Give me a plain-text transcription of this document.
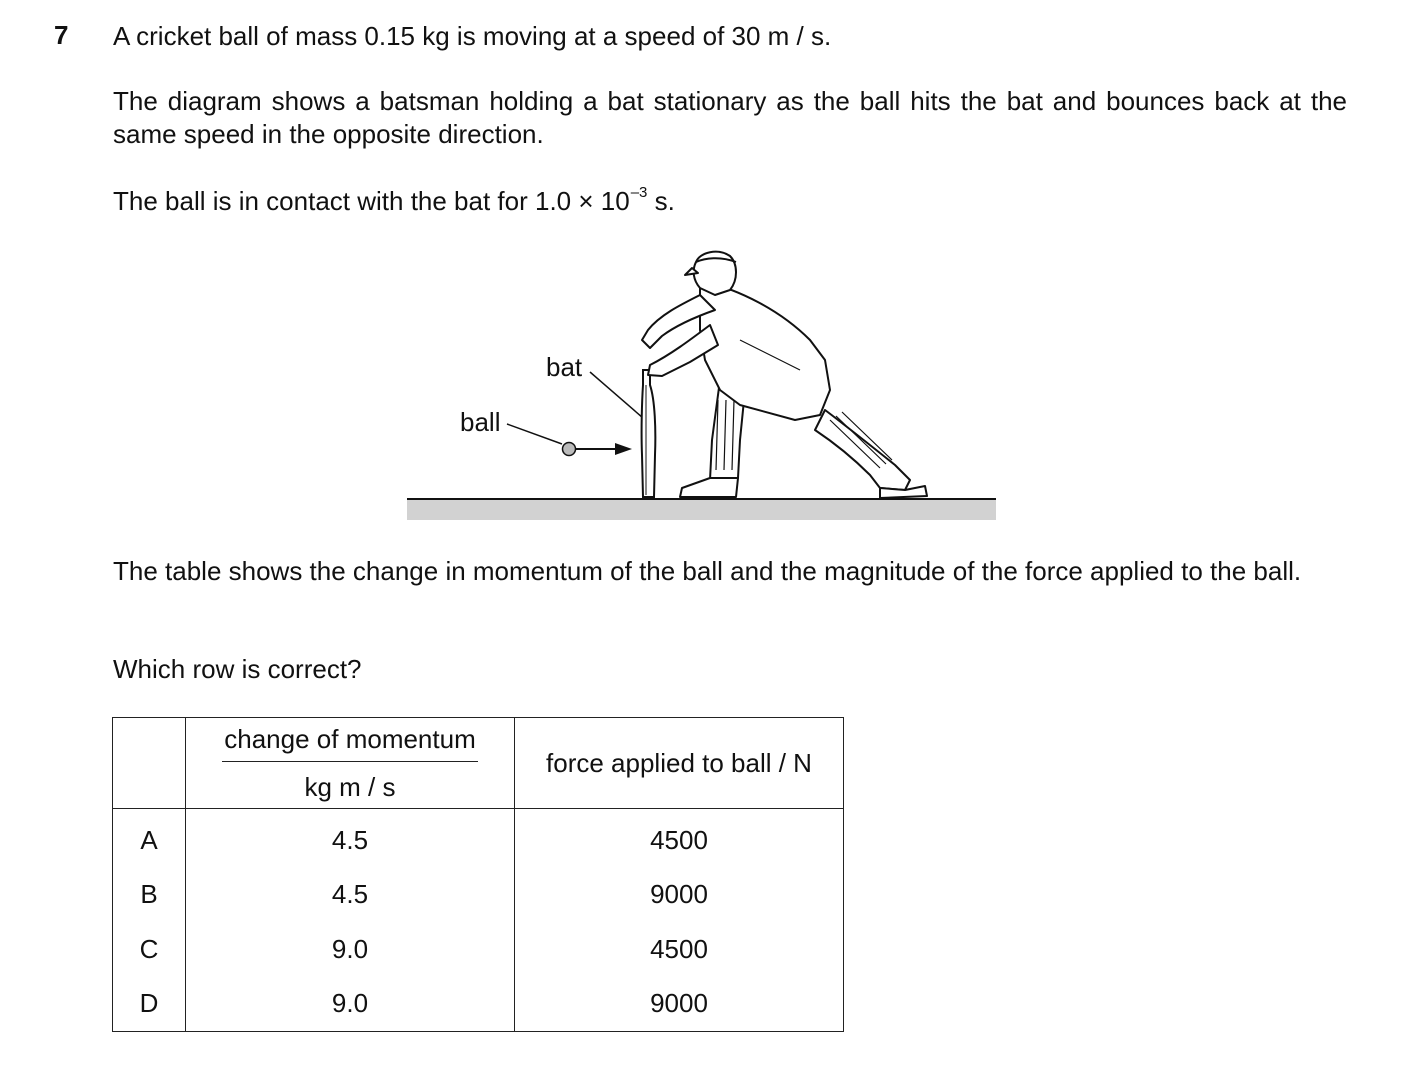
7 A cricket ball of mass 0.15 kg is moving at a speed of 30 m / s.

The diagram shows a batsman holding a bat stationary as the ball hits the bat and bounces back at the same speed in the opposite direction.

The ball is in contact with the bat for $1.0 \times 10^{-3}$ s.

bat
ball

The table shows the change in momentum of the ball and the magnitude of the force applied to the ball.

Which row is correct?

	$\frac{\text{change of momentum}}{\text{kg m / s}}$	force applied to ball / N
A	4.5	4500
B	4.5	9000
C	9.0	4500
D	9.0	9000
